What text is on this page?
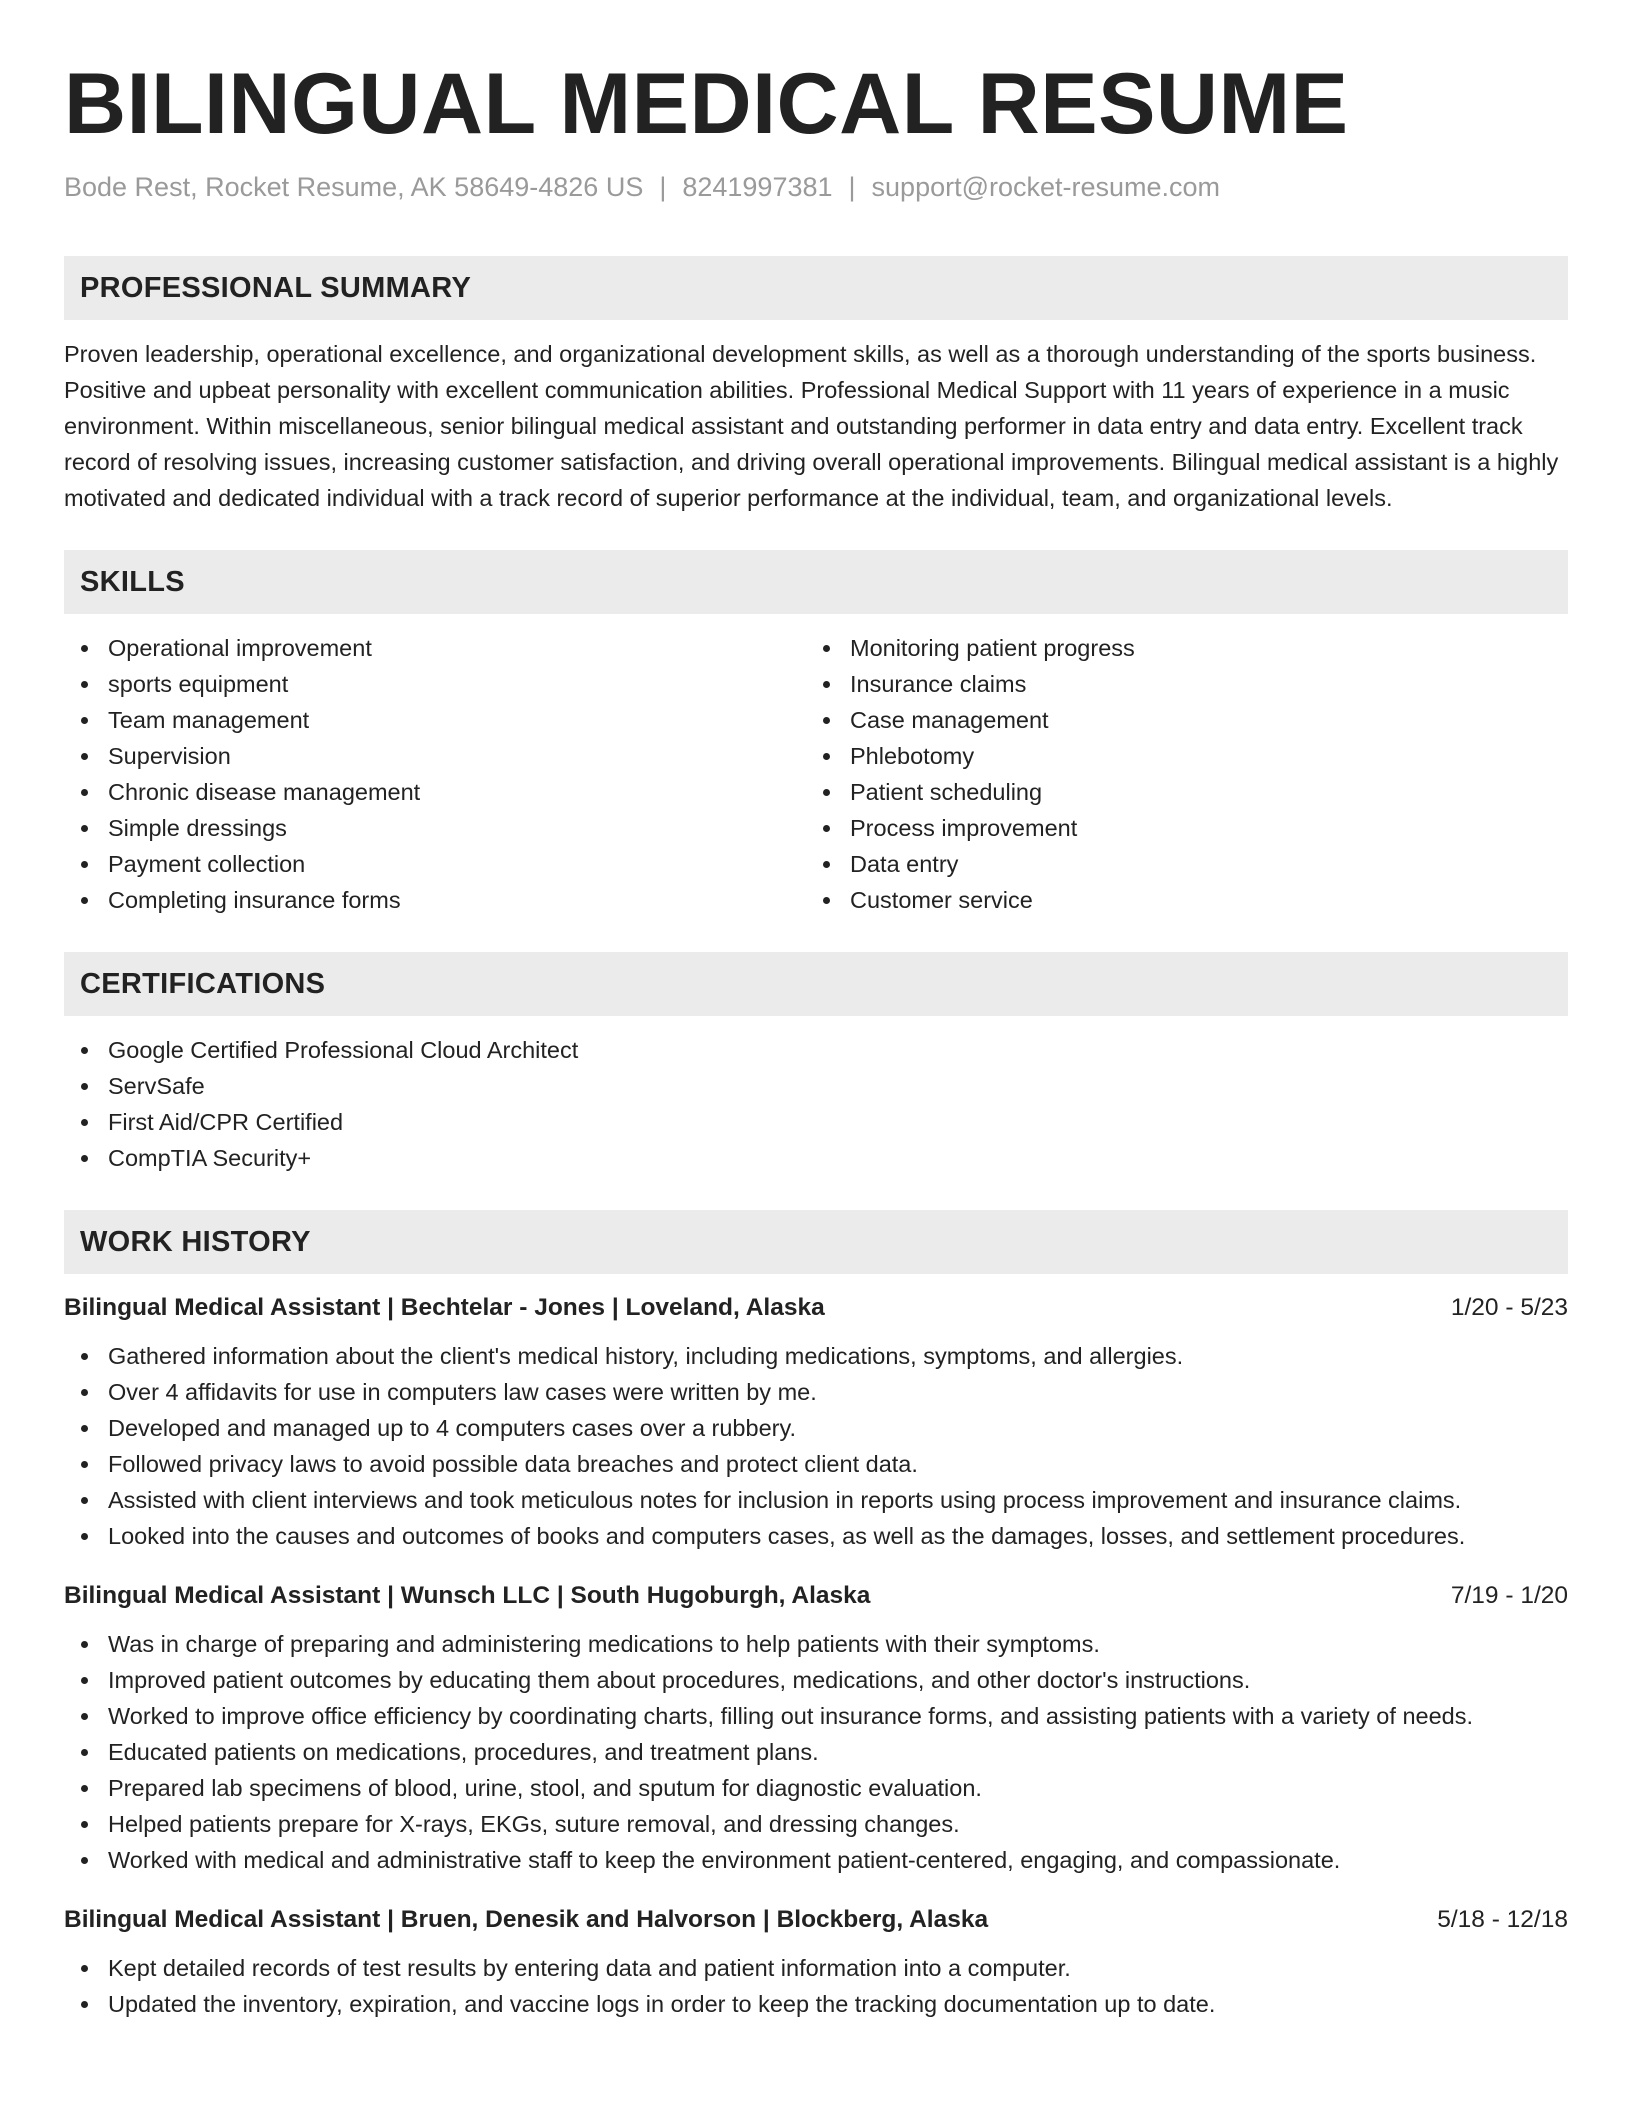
BILINGUAL MEDICAL RESUME
Bode Rest, Rocket Resume, AK 58649-4826 US | 8241997381 | support@rocket-resume.com
PROFESSIONAL SUMMARY

Proven leadership, operational excellence, and organizational development skills, as well as a thorough understanding of the sports business. Positive and upbeat personality with excellent communication abilities. Professional Medical Support with 11 years of experience in a music environment. Within miscellaneous, senior bilingual medical assistant and outstanding performer in data entry and data entry. Excellent track record of resolving issues, increasing customer satisfaction, and driving overall operational improvements. Bilingual medical assistant is a highly motivated and dedicated individual with a track record of superior performance at the individual, team, and organizational levels.

SKILLS
Operational improvement
sports equipment
Team management
Supervision
Chronic disease management
Simple dressings
Payment collection
Completing insurance forms
Monitoring patient progress
Insurance claims
Case management
Phlebotomy
Patient scheduling
Process improvement
Data entry
Customer service
CERTIFICATIONS
Google Certified Professional Cloud Architect
ServSafe
First Aid/CPR Certified
CompTIA Security+
WORK HISTORY
Bilingual Medical Assistant | Bechtelar - Jones | Loveland, Alaska	1/20 - 5/23
Gathered information about the client's medical history, including medications, symptoms, and allergies.
Over 4 affidavits for use in computers law cases were written by me.
Developed and managed up to 4 computers cases over a rubbery.
Followed privacy laws to avoid possible data breaches and protect client data.
Assisted with client interviews and took meticulous notes for inclusion in reports using process improvement and insurance claims.
Looked into the causes and outcomes of books and computers cases, as well as the damages, losses, and settlement procedures.
Bilingual Medical Assistant | Wunsch LLC | South Hugoburgh, Alaska	7/19 - 1/20
Was in charge of preparing and administering medications to help patients with their symptoms.
Improved patient outcomes by educating them about procedures, medications, and other doctor's instructions.
Worked to improve office efficiency by coordinating charts, filling out insurance forms, and assisting patients with a variety of needs.
Educated patients on medications, procedures, and treatment plans.
Prepared lab specimens of blood, urine, stool, and sputum for diagnostic evaluation.
Helped patients prepare for X-rays, EKGs, suture removal, and dressing changes.
Worked with medical and administrative staff to keep the environment patient-centered, engaging, and compassionate.
Bilingual Medical Assistant | Bruen, Denesik and Halvorson | Blockberg, Alaska	5/18 - 12/18
Kept detailed records of test results by entering data and patient information into a computer.
Updated the inventory, expiration, and vaccine logs in order to keep the tracking documentation up to date.
